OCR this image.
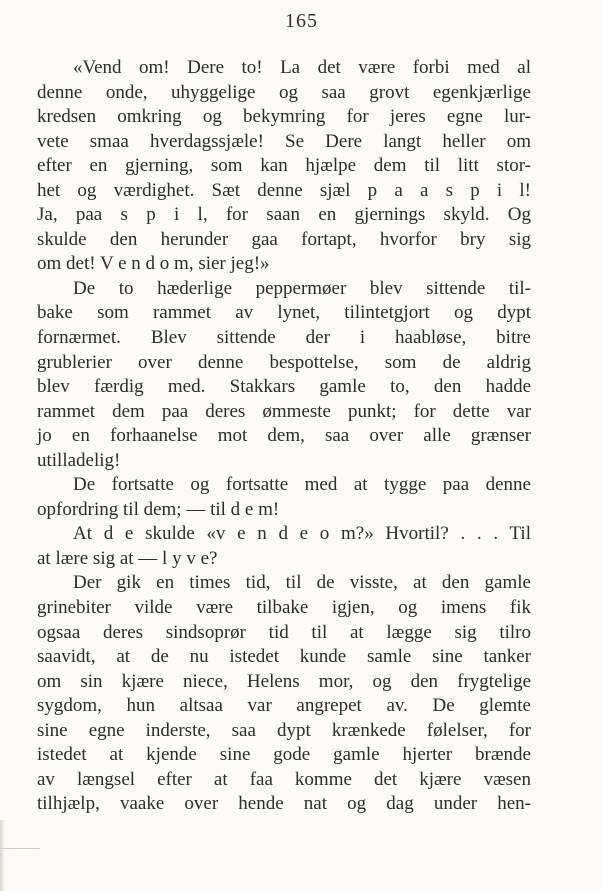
165
«Vend om! Dere to! La det være forbi med al
denne onde, uhyggelige og saa grovt egenkjærlige
kredsen omkring og bekymring for jeres egne lur-
vete smaa hverdagssjæle! Se Dere langt heller om
efter en gjerning, som kan hjælpe dem til litt stor-
het og værdighet. Sæt denne sjæl p a a s p i l!
Ja, paa s p i l, for saan en gjernings skyld. Og
skulde den herunder gaa fortapt, hvorfor bry sig
om det! V e n d o m, sier jeg!»
De to hæderlige peppermøer blev sittende til-
bake som rammet av lynet, tilintetgjort og dypt
fornærmet. Blev sittende der i haabløse, bitre
grublerier over denne bespottelse, som de aldrig
blev færdig med. Stakkars gamle to, den hadde
rammet dem paa deres ømmeste punkt; for dette var
jo en forhaanelse mot dem, saa over alle grænser
utilladelig!
De fortsatte og fortsatte med at tygge paa denne
opfordring til dem; — til d e m!
At d e skulde «v e n d e o m?» Hvortil? . . . Til
at lære sig at — l y v e?
Der gik en times tid, til de visste, at den gamle
grinebiter vilde være tilbake igjen, og imens fik
ogsaa deres sindsoprør tid til at lægge sig tilro
saavidt, at de nu istedet kunde samle sine tanker
om sin kjære niece, Helens mor, og den frygtelige
sygdom, hun altsaa var angrepet av. De glemte
sine egne inderste, saa dypt krænkede følelser, for
istedet at kjende sine gode gamle hjerter brænde
av længsel efter at faa komme det kjære væsen
tilhjælp, vaake over hende nat og dag under hen-
